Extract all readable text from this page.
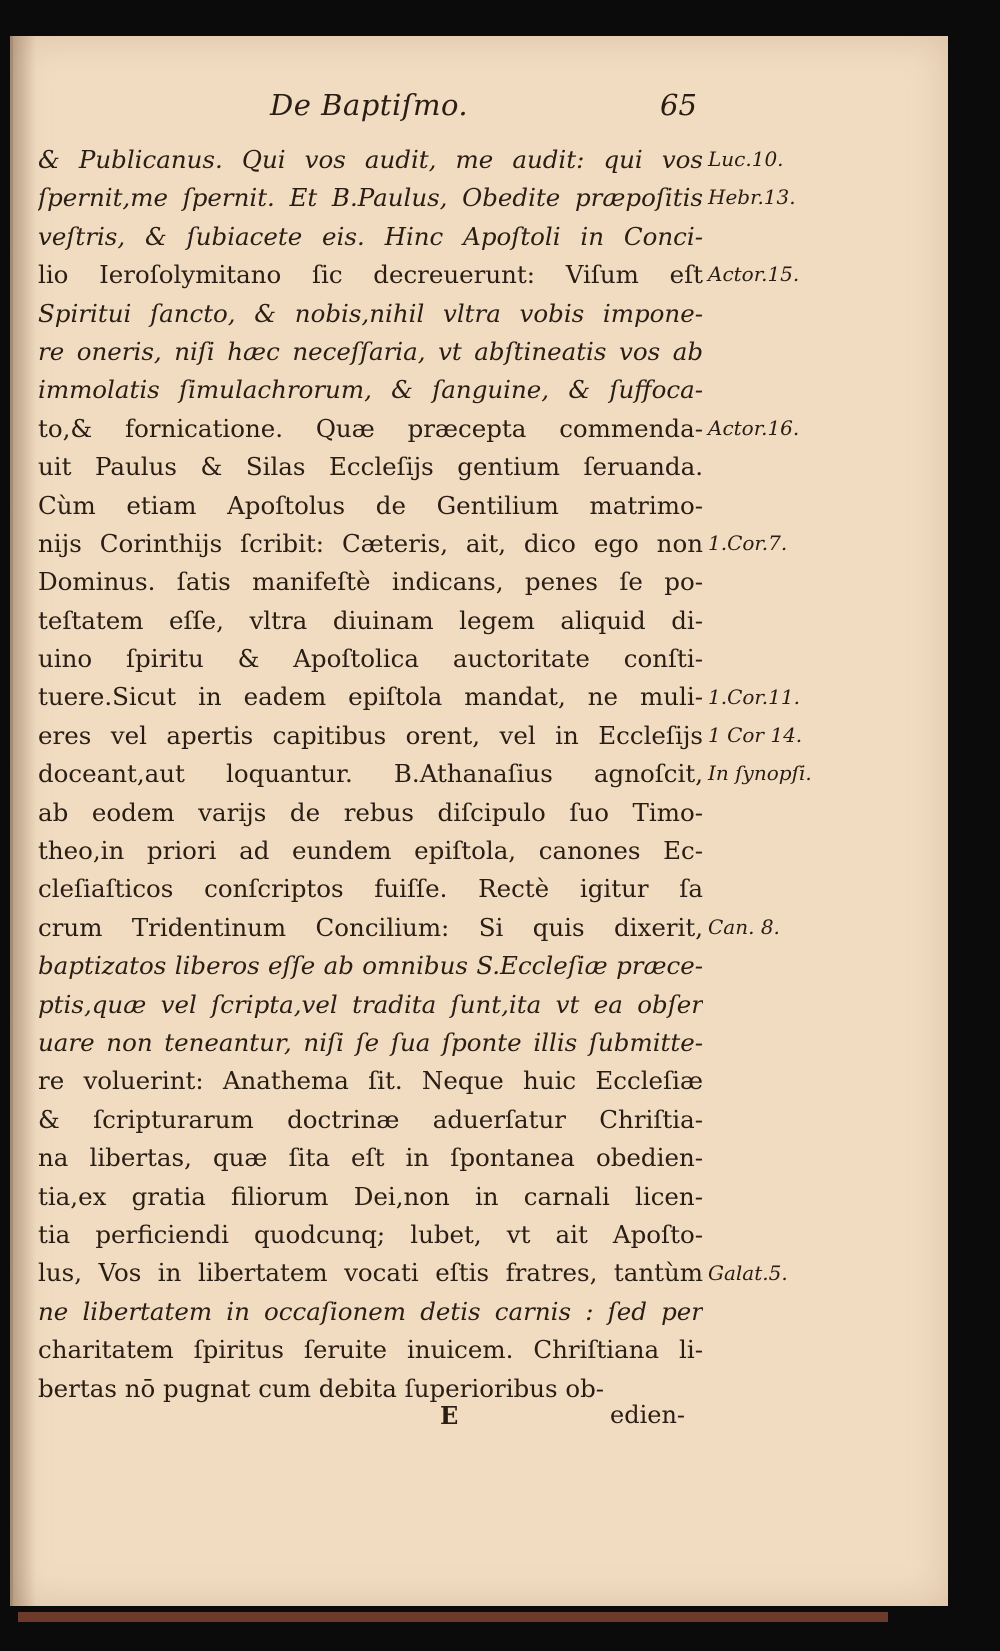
De Baptiſmo.	65
& Publicanus. Qui vos audit, me audit: qui vos
ſpernit,me ſpernit. Et B.Paulus, Obedite præpoſitis
veſtris, & ſubiacete eis. Hinc Apoſtoli in Conci-
lio Ieroſolymitano ſic decreuerunt: Viſum eſt
Spiritui ſancto, & nobis,nihil vltra vobis impone-
re oneris, niſi hæc neceſſaria, vt abſtineatis vos ab
immolatis ſimulachrorum, & ſanguine, & ſuffoca-
to,& fornicatione. Quæ præcepta commenda-
uit Paulus & Silas Eccleſijs gentium ſeruanda.
Cùm etiam Apoſtolus de Gentilium matrimo-
nijs Corinthijs ſcribit: Cæteris, ait, dico ego non
Dominus. ſatis manifeſtè indicans, penes ſe po-
teſtatem eſſe, vltra diuinam legem aliquid di-
uino ſpiritu & Apoſtolica auctoritate conſti-
tuere.Sicut in eadem epiſtola mandat, ne muli-
eres vel apertis capitibus orent, vel in Eccleſijs
doceant,aut loquantur. B.Athanaſius agnoſcit,
ab eodem varijs de rebus diſcipulo ſuo Timo-
theo,in priori ad eundem epiſtola, canones Ec-
cleſiaſticos conſcriptos fuiſſe. Rectè igitur ſa
crum Tridentinum Concilium: Si quis dixerit,
baptizatos liberos eſſe ab omnibus S.Eccleſiæ præce-
ptis,quæ vel ſcripta,vel tradita ſunt,ita vt ea obſer
uare non teneantur, niſi ſe ſua ſponte illis ſubmitte-
re voluerint: Anathema ſit. Neque huic Eccleſiæ
& ſcripturarum doctrinæ aduerſatur Chriſtia-
na libertas, quæ ſita eſt in ſpontanea obedien-
tia,ex gratia filiorum Dei,non in carnali licen-
tia perficiendi quodcunq; lubet, vt ait Apoſto-
lus, Vos in libertatem vocati eſtis fratres, tantùm
ne libertatem in occaſionem detis carnis : ſed per
charitatem ſpiritus ſeruite inuicem. Chriſtiana li-
bertas nō pugnat cum debita ſuperioribus ob-
Luc.10.
Hebr.13.
Actor.15.
Actor.16.
1.Cor.7.
1.Cor.11.
1 Cor 14.
In ſynopſi.
Can. 8.
Galat.5.
E	edien-
